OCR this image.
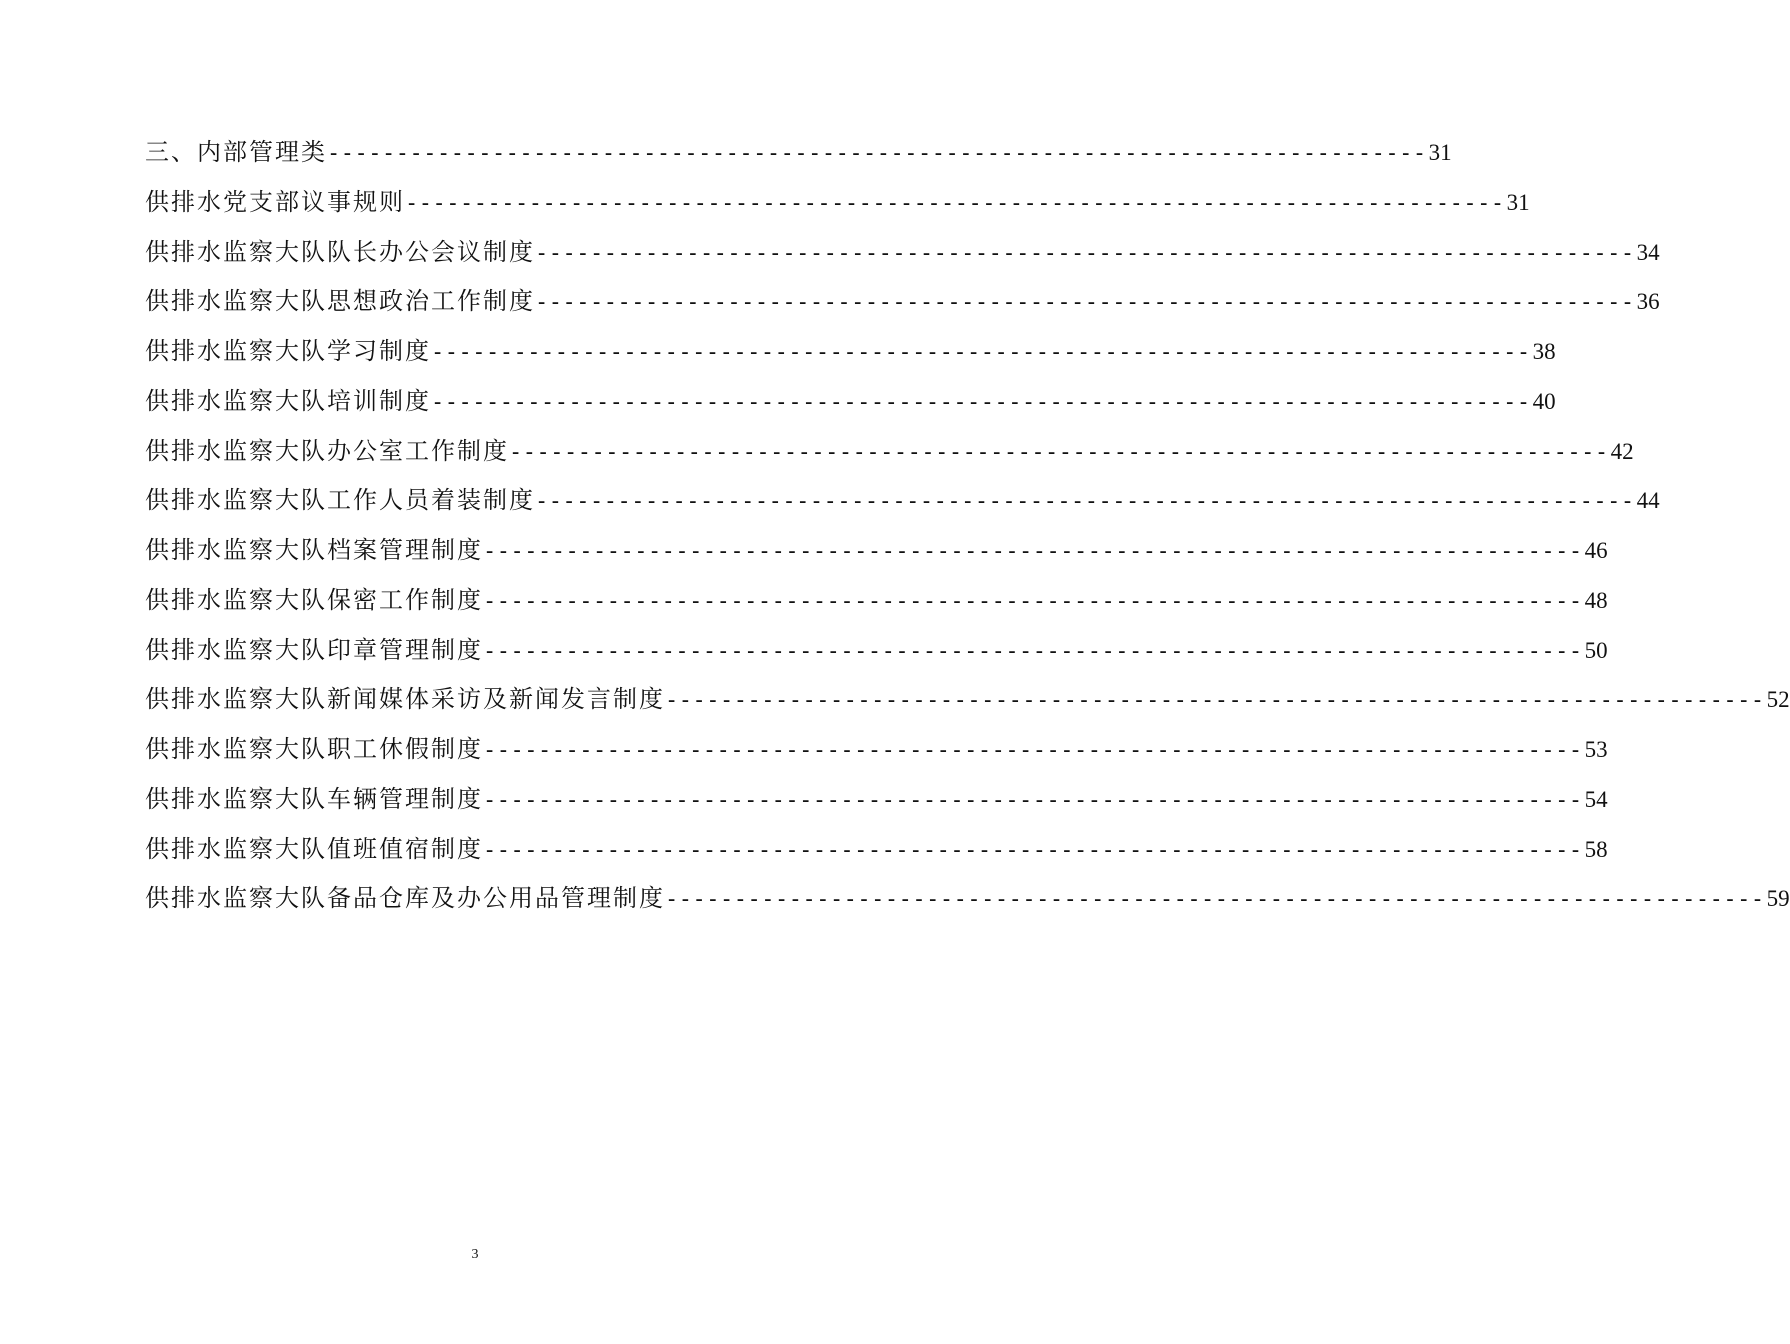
三、内部管理类 -------------------------------------------------------------------------------- 31
供排水党支部议事规则 -------------------------------------------------------------------------------- 31
供排水监察大队队长办公会议制度 -------------------------------------------------------------------------------- 34
供排水监察大队思想政治工作制度 -------------------------------------------------------------------------------- 36
供排水监察大队学习制度 -------------------------------------------------------------------------------- 38
供排水监察大队培训制度 -------------------------------------------------------------------------------- 40
供排水监察大队办公室工作制度 -------------------------------------------------------------------------------- 42
供排水监察大队工作人员着装制度 -------------------------------------------------------------------------------- 44
供排水监察大队档案管理制度 -------------------------------------------------------------------------------- 46
供排水监察大队保密工作制度 -------------------------------------------------------------------------------- 48
供排水监察大队印章管理制度 -------------------------------------------------------------------------------- 50
供排水监察大队新闻媒体采访及新闻发言制度 -------------------------------------------------------------------------------- 52
供排水监察大队职工休假制度 -------------------------------------------------------------------------------- 53
供排水监察大队车辆管理制度 -------------------------------------------------------------------------------- 54
供排水监察大队值班值宿制度 -------------------------------------------------------------------------------- 58
供排水监察大队备品仓库及办公用品管理制度 -------------------------------------------------------------------------------- 59
3
